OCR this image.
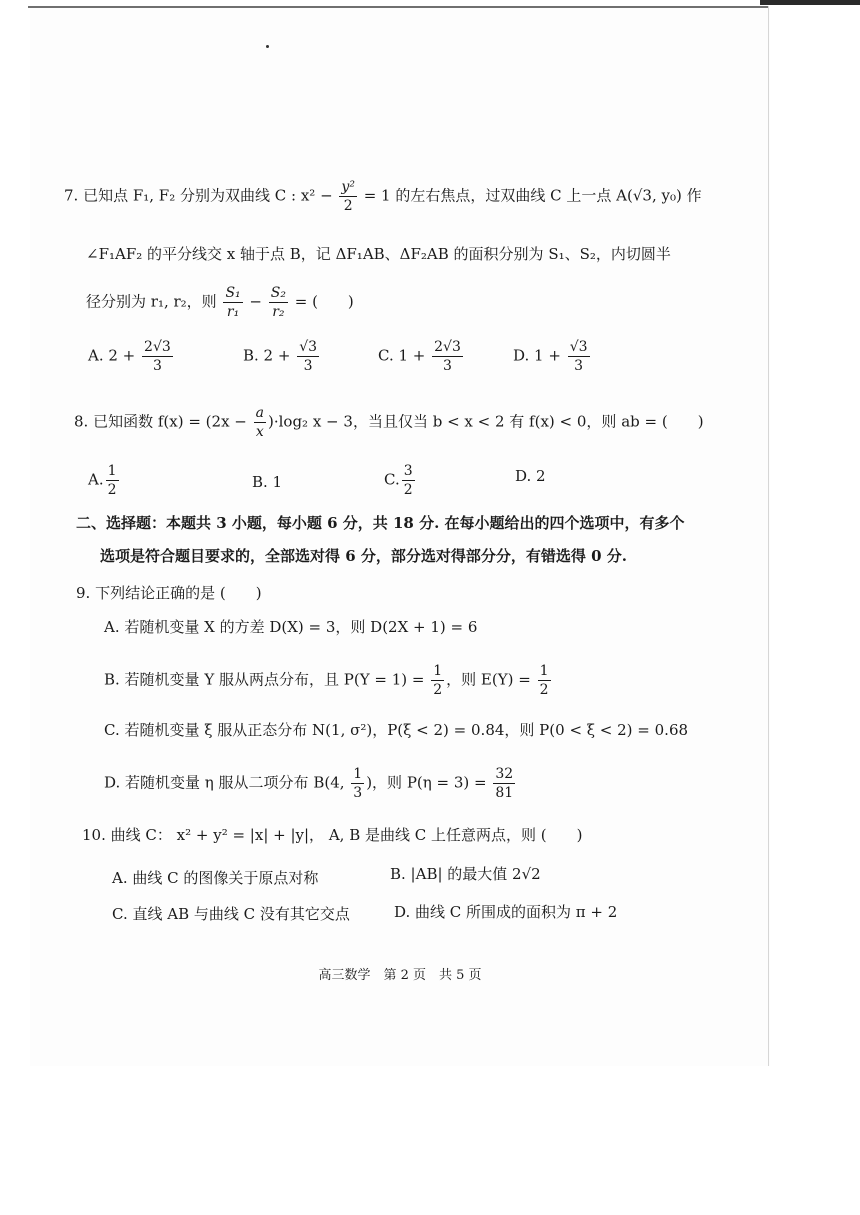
7. 已知点 F₁, F₂ 分别为双曲线 C : $x^2 - \frac{\text{y²}}{2} = 1$ 的左右焦点，过双曲线 C 上一点 A(√3, y₀) 作
∠F₁AF₂ 的平分线交 x 轴于点 B，记 ΔF₁AB、ΔF₂AB 的面积分别为 S₁、S₂，内切圆半
径分别为 r₁, r₂，则 $\frac{\text{S₁}}{\text{r₁}} - \frac{\text{S₂}}{\text{r₂}}$ = (　　)
A. $2 + \frac{2√3}{3}$	B. $2 + \frac{√3}{3}$	C. $1 + \frac{2√3}{3}$	D. $1 + \frac{√3}{3}$
8. 已知函数 $f(x) = (2x - \frac{a}{x} )\cdot\log_2$ x − 3，当且仅当 b < x < 2 有 f(x) < 0，则 ab = (　　)
A. $\frac{1}{2}$	B. 1	C. $\frac{3}{2}$	D. 2
二、选择题：本题共 3 小题，每小题 6 分，共 18 分. 在每小题给出的四个选项中，有多个
选项是符合题目要求的，全部选对得 6 分，部分选对得部分分，有错选得 0 分.
9. 下列结论正确的是 (　　)
A. 若随机变量 X 的方差 D(X) = 3，则 D(2X + 1) = 6
B. 若随机变量 Y 服从两点分布，且 $P(Y = 1) = \frac{1}{2}$ ，则 $E(Y) = \frac{1}{2}$
C. 若随机变量 ξ 服从正态分布 N(1, σ²)，P(ξ < 2) = 0.84，则 P(0 < ξ < 2) = 0.68
D. 若随机变量 η 服从二项分布 B(4, $\frac{1}{3}$ )，则 $P(\eta = 3) = \frac{32}{81}$
10. 曲线 C： x² + y² = |x| + |y|， A, B 是曲线 C 上任意两点，则 (　　)
A. 曲线 C 的图像关于原点对称	B. |AB| 的最大值 2√2
C. 直线 AB 与曲线 C 没有其它交点	D. 曲线 C 所围成的面积为 π + 2
高三数学　第 2 页　共 5 页
